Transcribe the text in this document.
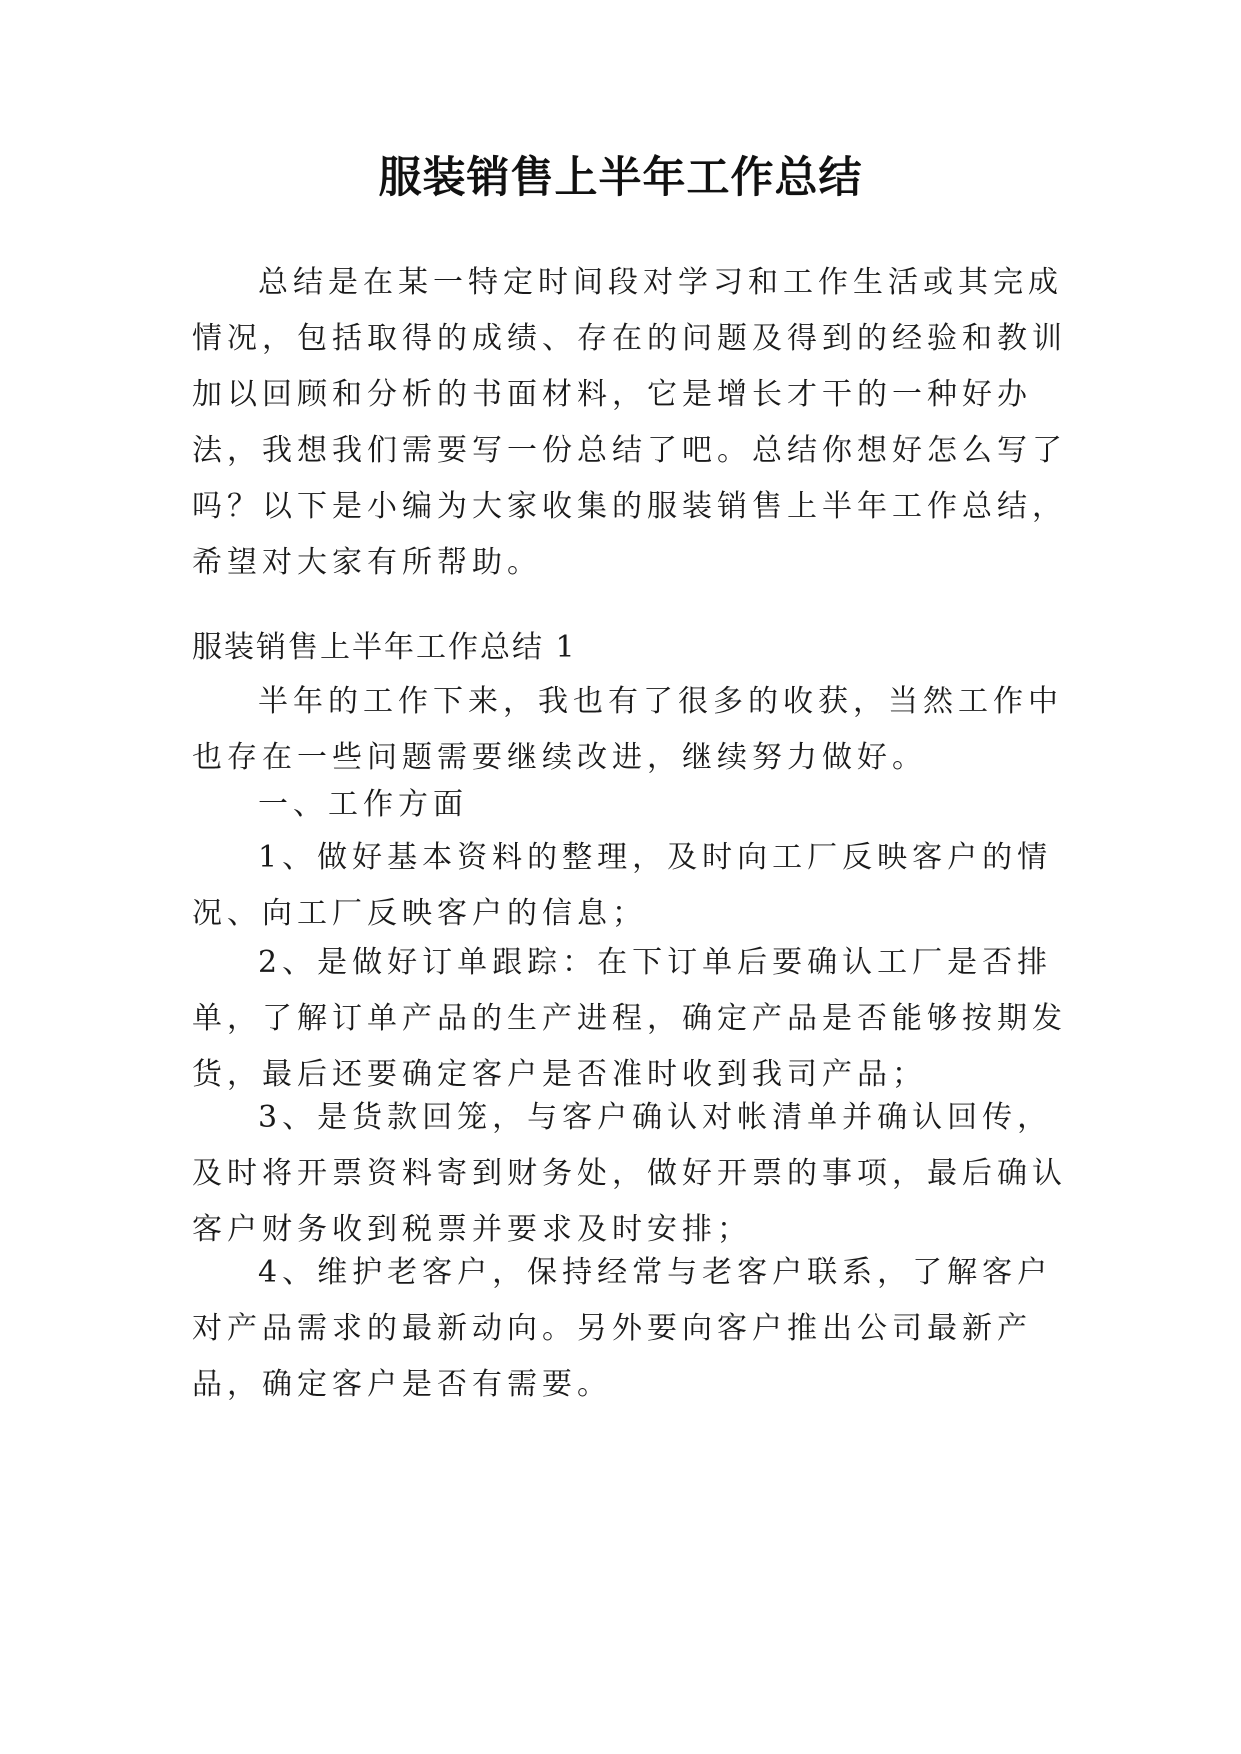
服装销售上半年工作总结

总结是在某一特定时间段对学习和工作生活或其完成情况，包括取得的成绩、存在的问题及得到的经验和教训加以回顾和分析的书面材料，它是增长才干的一种好办法，我想我们需要写一份总结了吧。总结你想好怎么写了吗？以下是小编为大家收集的服装销售上半年工作总结，希望对大家有所帮助。

服装销售上半年工作总结 1

半年的工作下来，我也有了很多的收获，当然工作中也存在一些问题需要继续改进，继续努力做好。

一、工作方面

1、做好基本资料的整理，及时向工厂反映客户的情况、向工厂反映客户的信息；

2、是做好订单跟踪：在下订单后要确认工厂是否排单，了解订单产品的生产进程，确定产品是否能够按期发货，最后还要确定客户是否准时收到我司产品；

3、是货款回笼，与客户确认对帐清单并确认回传，及时将开票资料寄到财务处，做好开票的事项，最后确认客户财务收到税票并要求及时安排；

4、维护老客户，保持经常与老客户联系，了解客户对产品需求的最新动向。另外要向客户推出公司最新产品，确定客户是否有需要。
